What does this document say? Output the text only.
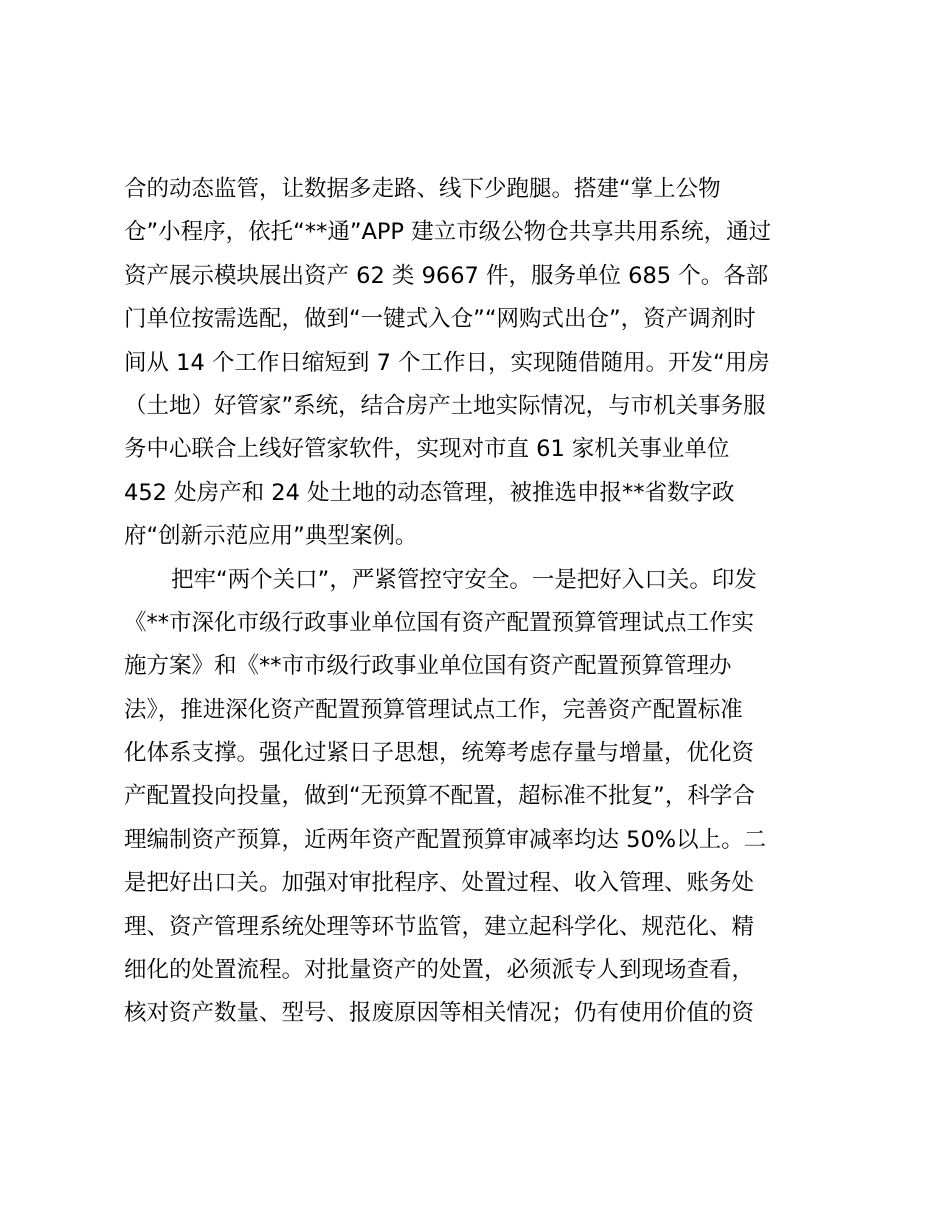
合的动态监管，让数据多走路、线下少跑腿。搭建“掌上公物
仓”小程序，依托“**通”APP 建立市级公物仓共享共用系统，通过
资产展示模块展出资产 62 类 9667 件，服务单位 685 个。各部
门单位按需选配，做到“一键式入仓”“网购式出仓”，资产调剂时
间从 14 个工作日缩短到 7 个工作日，实现随借随用。开发“用房
（土地）好管家”系统，结合房产土地实际情况，与市机关事务服
务中心联合上线好管家软件，实现对市直 61 家机关事业单位
452 处房产和 24 处土地的动态管理，被推选申报**省数字政
府“创新示范应用”典型案例。
把牢“两个关口”，严紧管控守安全。一是把好入口关。印发
《**市深化市级行政事业单位国有资产配置预算管理试点工作实
施方案》和《**市市级行政事业单位国有资产配置预算管理办
法》，推进深化资产配置预算管理试点工作，完善资产配置标准
化体系支撑。强化过紧日子思想，统筹考虑存量与增量，优化资
产配置投向投量，做到“无预算不配置，超标准不批复”，科学合
理编制资产预算，近两年资产配置预算审减率均达 50%以上。二
是把好出口关。加强对审批程序、处置过程、收入管理、账务处
理、资产管理系统处理等环节监管，建立起科学化、规范化、精
细化的处置流程。对批量资产的处置，必须派专人到现场查看，
核对资产数量、型号、报废原因等相关情况；仍有使用价值的资
